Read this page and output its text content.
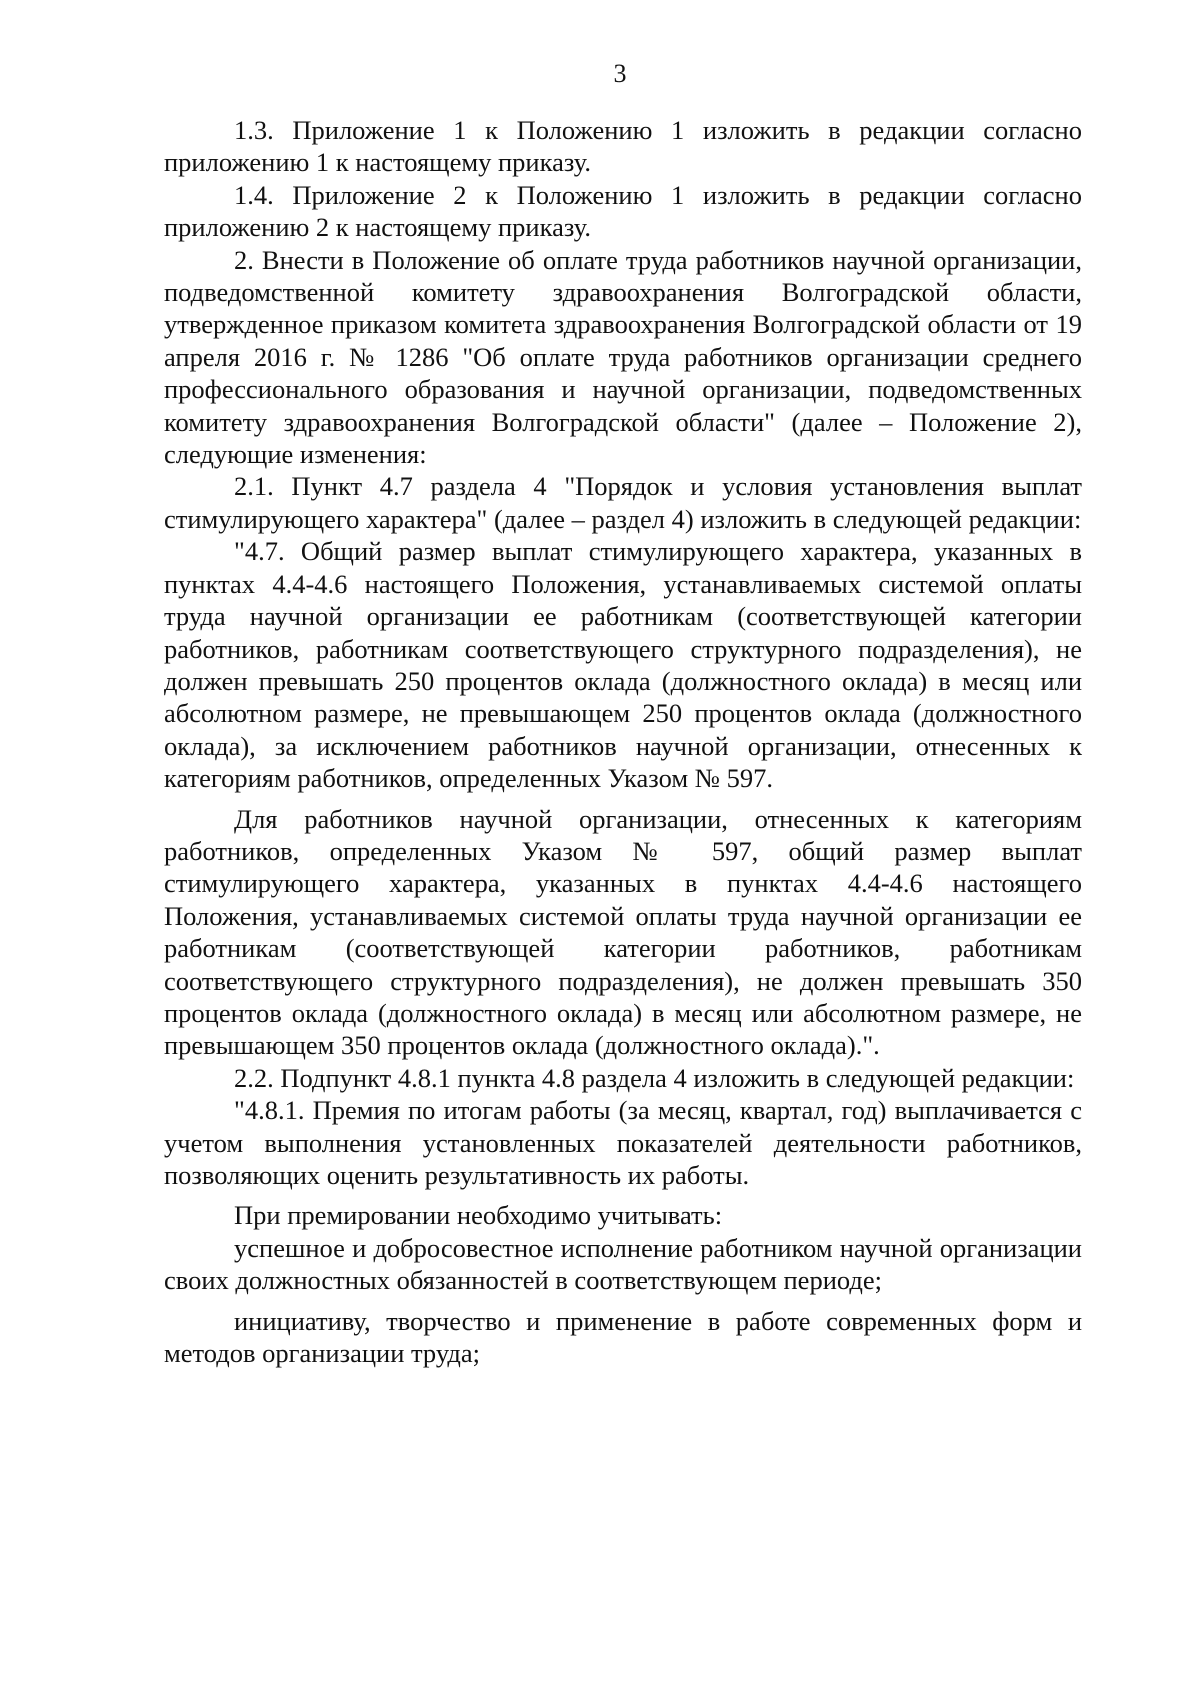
3

1.3. Приложение 1 к Положению 1 изложить в редакции согласно приложению 1 к настоящему приказу.

1.4. Приложение 2 к Положению 1 изложить в редакции согласно приложению 2 к настоящему приказу.

2. Внести в Положение об оплате труда работников научной организации, подведомственной комитету здравоохранения Волгоградской области, утвержденное приказом комитета здравоохранения Волгоградской области от 19 апреля 2016 г. № 1286 "Об оплате труда работников организации среднего профессионального образования и научной организации, подведомственных комитету здравоохранения Волгоградской области" (далее – Положение 2), следующие изменения:

2.1. Пункт 4.7 раздела 4 "Порядок и условия установления выплат стимулирующего характера" (далее – раздел 4) изложить в следующей редакции:

"4.7. Общий размер выплат стимулирующего характера, указанных в пунктах 4.4-4.6 настоящего Положения, устанавливаемых системой оплаты труда научной организации ее работникам (соответствующей категории работников, работникам соответствующего структурного подразделения), не должен превышать 250 процентов оклада (должностного оклада) в месяц или абсолютном размере, не превышающем 250 процентов оклада (должностного оклада), за исключением работников научной организации, отнесенных к категориям работников, определенных Указом № 597.

Для работников научной организации, отнесенных к категориям работников, определенных Указом № 597, общий размер выплат стимулирующего характера, указанных в пунктах 4.4-4.6 настоящего Положения, устанавливаемых системой оплаты труда научной организации ее работникам (соответствующей категории работников, работникам соответствующего структурного подразделения), не должен превышать 350 процентов оклада (должностного оклада) в месяц или абсолютном размере, не превышающем 350 процентов оклада (должностного оклада).".

2.2. Подпункт 4.8.1 пункта 4.8 раздела 4 изложить в следующей редакции:

"4.8.1. Премия по итогам работы (за месяц, квартал, год) выплачивается с учетом выполнения установленных показателей деятельности работников, позволяющих оценить результативность их работы.

При премировании необходимо учитывать:

успешное и добросовестное исполнение работником научной организации своих должностных обязанностей в соответствующем периоде;

инициативу, творчество и применение в работе современных форм и методов организации труда;
